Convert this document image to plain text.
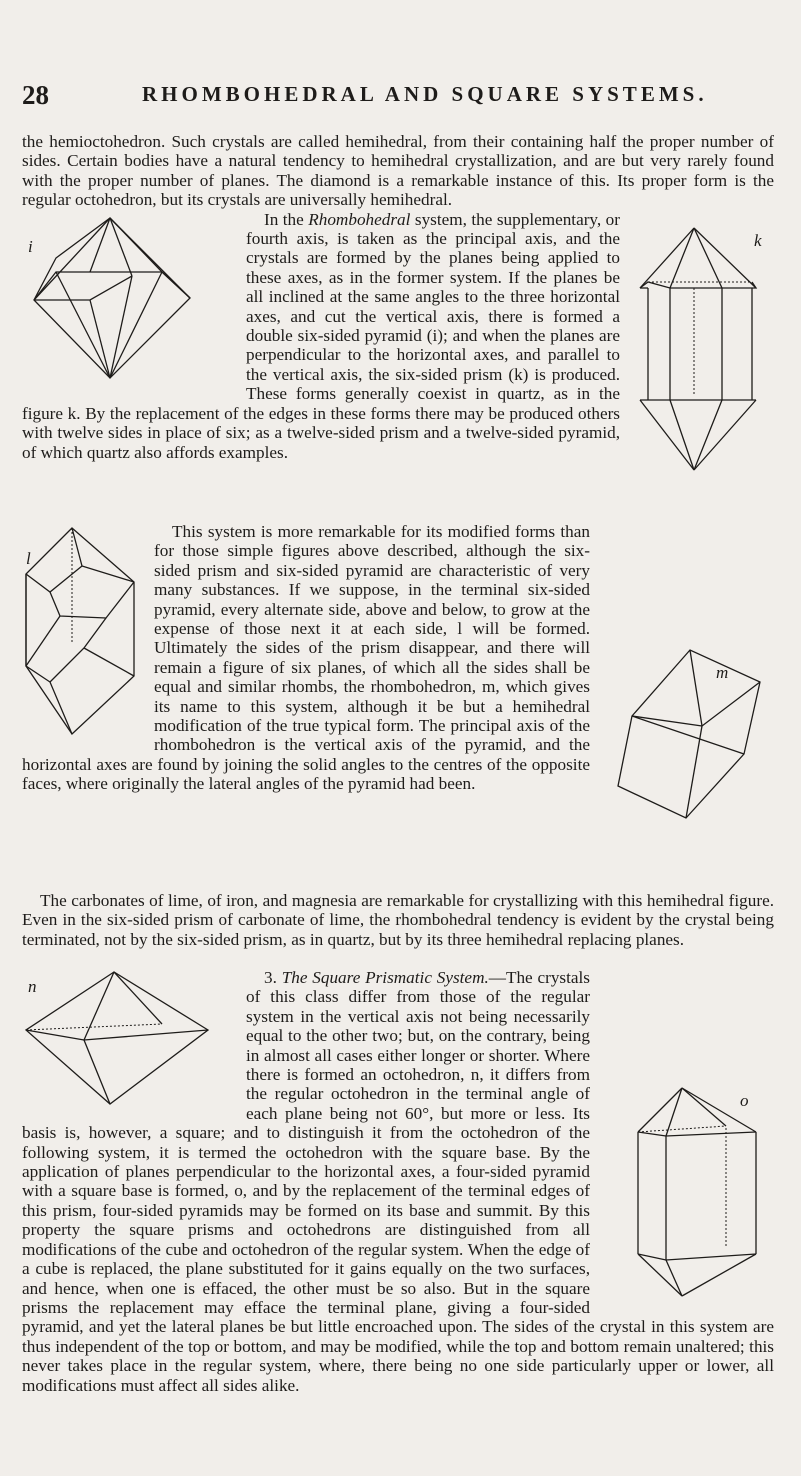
28	RHOMBOHEDRAL AND SQUARE SYSTEMS.

the hemioctohedron. Such crystals are called hemihedral, from their containing half the proper number of sides. Certain bodies have a natural tendency to hemihedral crystallization, and are but very rarely found with the proper number of planes. The diamond is a remarkable instance of this. Its proper form is the regular octohedron, but its crystals are universally hemihedral.

i	k

In the Rhombohedral system, the supplementary, or fourth axis, is taken as the principal axis, and the crystals are formed by the planes being applied to these axes, as in the former system. If the planes be all inclined at the same angles to the three horizontal axes, and cut the vertical axis, there is formed a double six-sided pyramid (i); and when the planes are perpendicular to the horizontal axes, and parallel to the vertical axis, the six-sided prism (k) is produced. These forms generally coexist in quartz, as in the figure k. By the replacement of the edges in these forms there may be produced others with twelve sides in place of six; as a twelve-sided prism and a twelve-sided pyramid, of which quartz also affords examples.

l
m

This system is more remarkable for its modified forms than for those simple figures above described, although the six-sided prism and six-sided pyramid are characteristic of very many substances. If we suppose, in the terminal six-sided pyramid, every alternate side, above and below, to grow at the expense of those next it at each side, l will be formed. Ultimately the sides of the prism disappear, and there will remain a figure of six planes, of which all the sides shall be equal and similar rhombs, the rhombohedron, m, which gives its name to this system, although it be but a hemihedral modification of the true typical form. The principal axis of the rhombohedron is the vertical axis of the pyramid, and the horizontal axes are found by joining the solid angles to the centres of the opposite faces, where originally the lateral angles of the pyramid had been.

The carbonates of lime, of iron, and magnesia are remarkable for crystallizing with this hemihedral figure. Even in the six-sided prism of carbonate of lime, the rhombohedral tendency is evident by the crystal being terminated, not by the six-sided prism, as in quartz, but by its three hemihedral replacing planes.

n
o

3. The Square Prismatic System.—The crystals of this class differ from those of the regular system in the vertical axis not being necessarily equal to the other two; but, on the contrary, being in almost all cases either longer or shorter. Where there is formed an octohedron, n, it differs from the regular octohedron in the terminal angle of each plane being not 60°, but more or less. Its basis is, however, a square; and to distinguish it from the octohedron of the following system, it is termed the octohedron with the square base. By the application of planes perpendicular to the horizontal axes, a four-sided pyramid with a square base is formed, o, and by the replacement of the terminal edges of this prism, four-sided pyramids may be formed on its base and summit. By this property the square prisms and octohedrons are distinguished from all modifications of the cube and octohedron of the regular system. When the edge of a cube is replaced, the plane substituted for it gains equally on the two surfaces, and hence, when one is effaced, the other must be so also. But in the square prisms the replacement may efface the terminal plane, giving a four-sided pyramid, and yet the lateral planes be but little encroached upon. The sides of the crystal in this system are thus independent of the top or bottom, and may be modified, while the top and bottom remain unaltered; this never takes place in the regular system, where, there being no one side particularly upper or lower, all modifications must affect all sides alike.
